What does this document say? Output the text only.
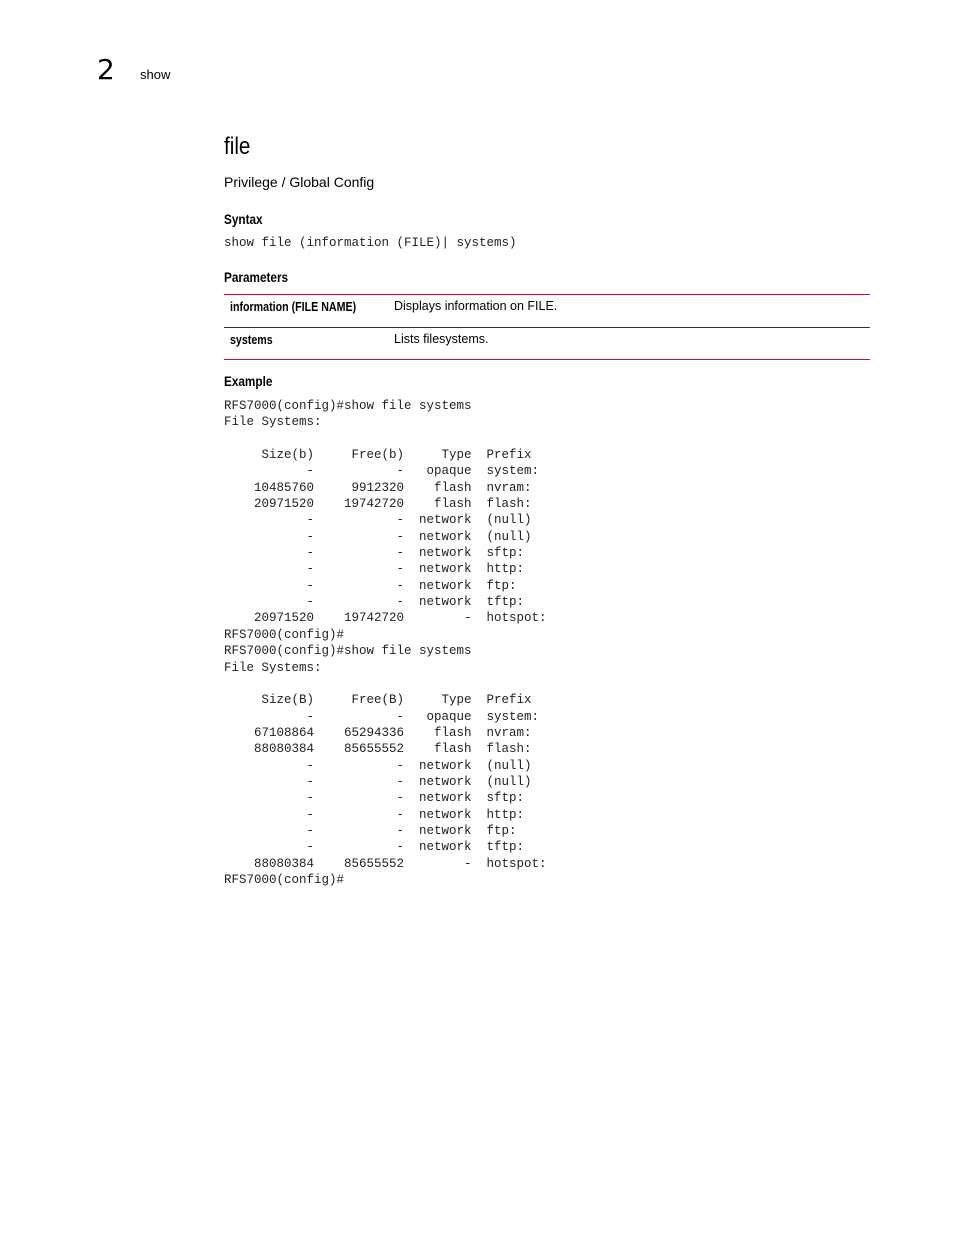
2 show
file
Privilege / Global Config
Syntax
show file (information (FILE)| systems)
Parameters
information (FILE NAME)	Displays information on FILE.
systems	Lists filesystems.
Example
RFS7000(config)#show file systems
File Systems:

Size(b)     Free(b)     Type  Prefix
-           -   opaque  system:
10485760     9912320    flash  nvram:
20971520    19742720    flash  flash:
-           -  network  (null)
-           -  network  (null)
-           -  network  sftp:
-           -  network  http:
-           -  network  ftp:
-           -  network  tftp:
20971520    19742720        -  hotspot:
RFS7000(config)#
RFS7000(config)#show file systems
File Systems:

Size(B)     Free(B)     Type  Prefix
-           -   opaque  system:
67108864    65294336    flash  nvram:
88080384    85655552    flash  flash:
-           -  network  (null)
-           -  network  (null)
-           -  network  sftp:
-           -  network  http:
-           -  network  ftp:
-           -  network  tftp:
88080384    85655552        -  hotspot:
RFS7000(config)#
